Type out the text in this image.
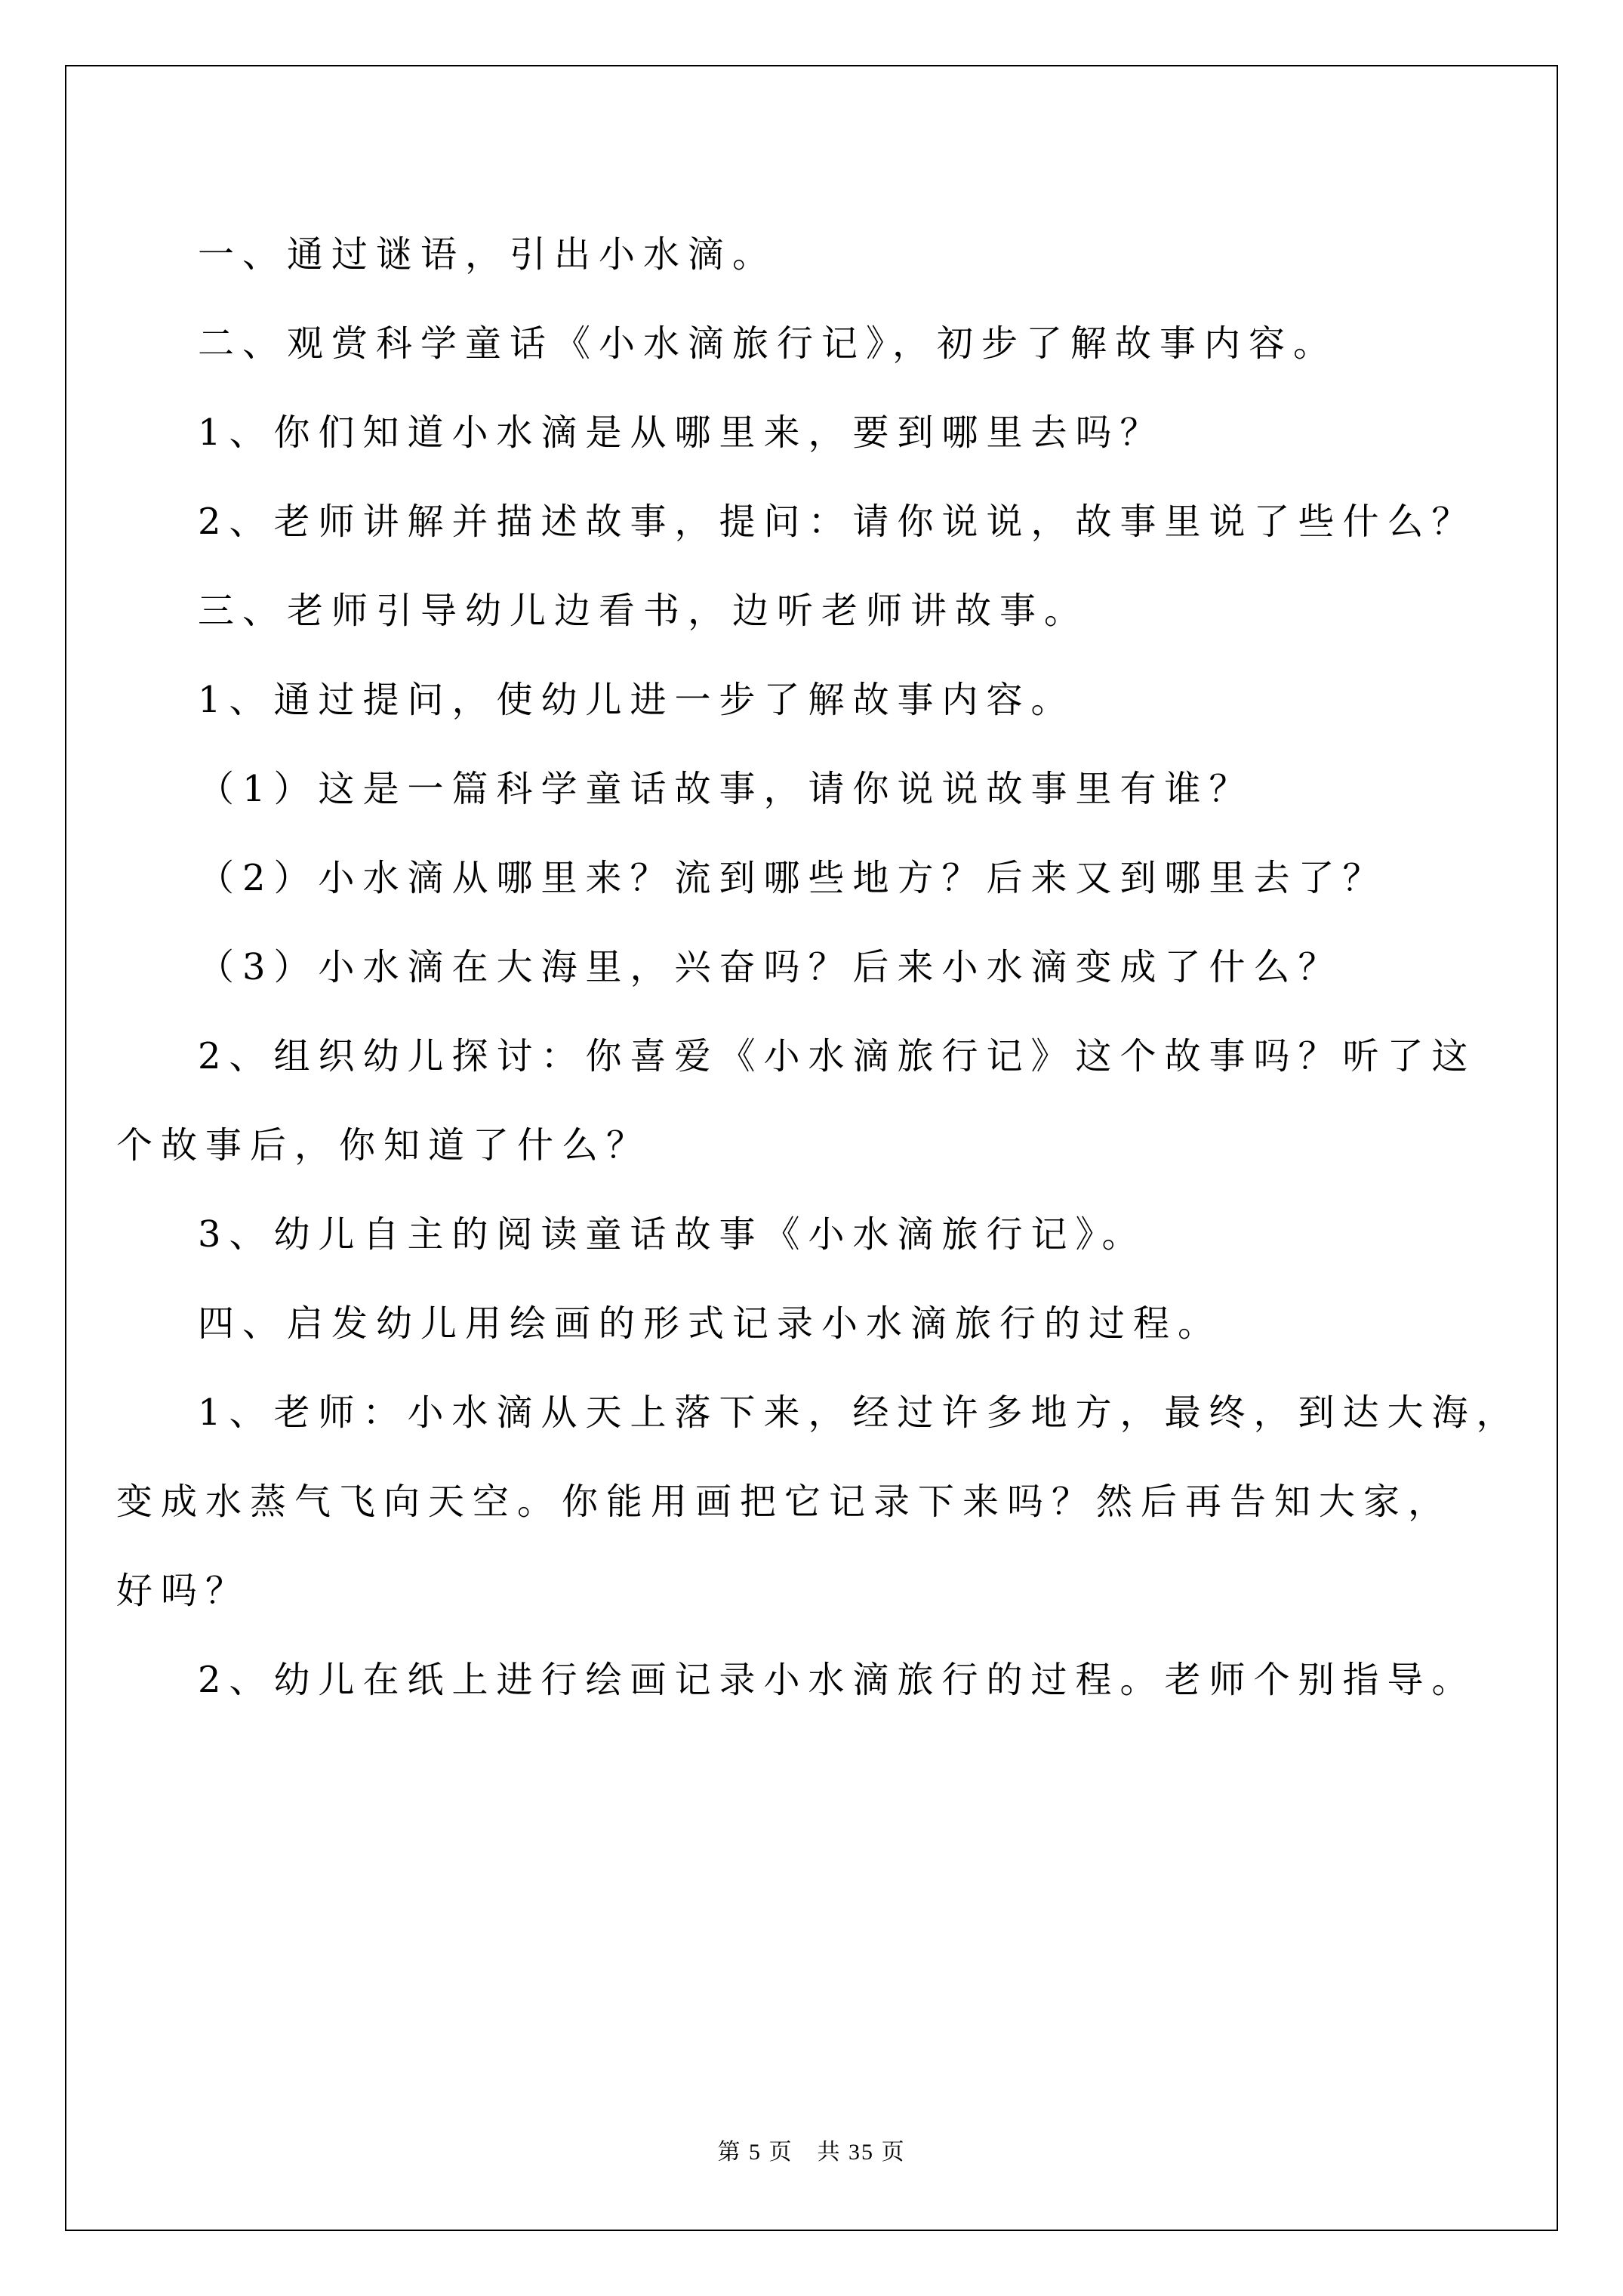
一、通过谜语，引出小水滴。

二、观赏科学童话《小水滴旅行记》，初步了解故事内容。

1、你们知道小水滴是从哪里来，要到哪里去吗？

2、老师讲解并描述故事，提问：请你说说，故事里说了些什么？

三、老师引导幼儿边看书，边听老师讲故事。

1、通过提问，使幼儿进一步了解故事内容。

（1）这是一篇科学童话故事，请你说说故事里有谁？

（2）小水滴从哪里来？流到哪些地方？后来又到哪里去了？

（3）小水滴在大海里，兴奋吗？后来小水滴变成了什么？

2、组织幼儿探讨：你喜爱《小水滴旅行记》这个故事吗？听了这
个故事后，你知道了什么？

3、幼儿自主的阅读童话故事《小水滴旅行记》。

四、启发幼儿用绘画的形式记录小水滴旅行的过程。

1、老师：小水滴从天上落下来，经过许多地方，最终，到达大海，
变成水蒸气飞向天空。你能用画把它记录下来吗？然后再告知大家，
好吗？

2、幼儿在纸上进行绘画记录小水滴旅行的过程。老师个别指导。

第 5 页　共 35 页
